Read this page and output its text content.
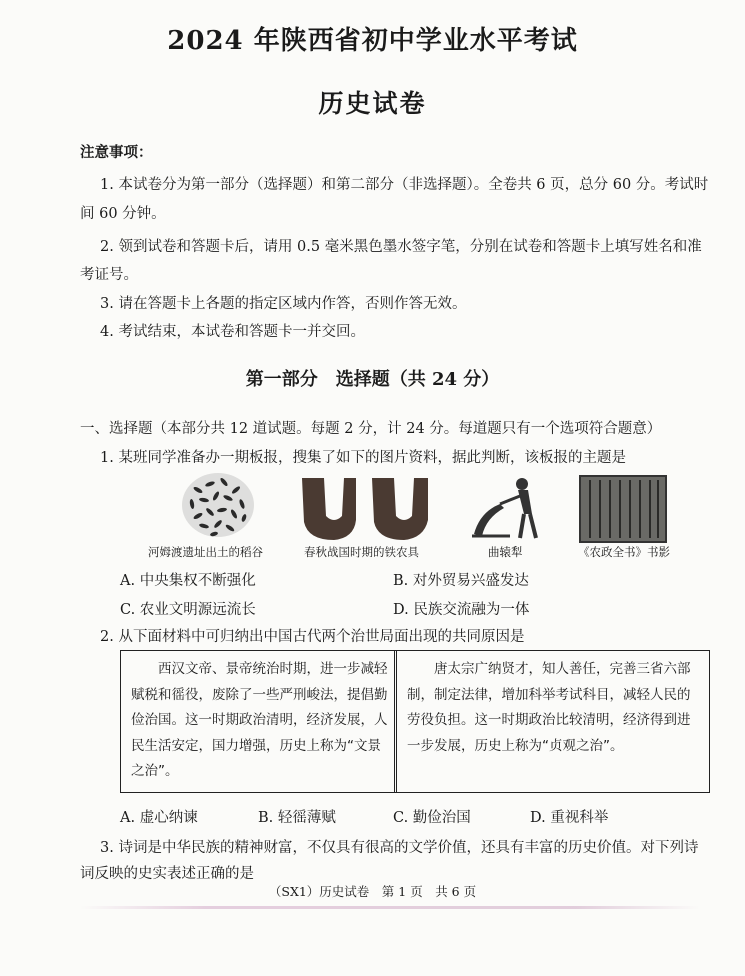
2024 年陕西省初中学业水平考试
历史试卷
注意事项：
1. 本试卷分为第一部分（选择题）和第二部分（非选择题）。全卷共 6 页，总分 60 分。考试时
间 60 分钟。
2. 领到试卷和答题卡后，请用 0.5 毫米黑色墨水签字笔，分别在试卷和答题卡上填写姓名和准
考证号。
3. 请在答题卡上各题的指定区域内作答，否则作答无效。
4. 考试结束，本试卷和答题卡一并交回。
第一部分　选择题（共 24 分）
一、选择题（本部分共 12 道试题。每题 2 分，计 24 分。每道题只有一个选项符合题意）
1. 某班同学准备办一期板报，搜集了如下的图片资料，据此判断，该板报的主题是
河姆渡遗址出土的稻谷	春秋战国时期的铁农具	曲辕犁	《农政全书》书影
A. 中央集权不断强化	B. 对外贸易兴盛发达
C. 农业文明源远流长	D. 民族交流融为一体
2. 从下面材料中可归纳出中国古代两个治世局面出现的共同原因是
　　西汉文帝、景帝统治时期，进一步减轻赋税和徭役，废除了一些严刑峻法，提倡勤俭治国。这一时期政治清明，经济发展，人民生活安定，国力增强，历史上称为“文景之治”。
　　唐太宗广纳贤才，知人善任，完善三省六部制，制定法律，增加科举考试科目，减轻人民的劳役负担。这一时期政治比较清明，经济得到进一步发展，历史上称为“贞观之治”。
A. 虚心纳谏	B. 轻徭薄赋	C. 勤俭治国	D. 重视科举
3. 诗词是中华民族的精神财富，不仅具有很高的文学价值，还具有丰富的历史价值。对下列诗
词反映的史实表述正确的是
（SX1）历史试卷　第 1 页　共 6 页
